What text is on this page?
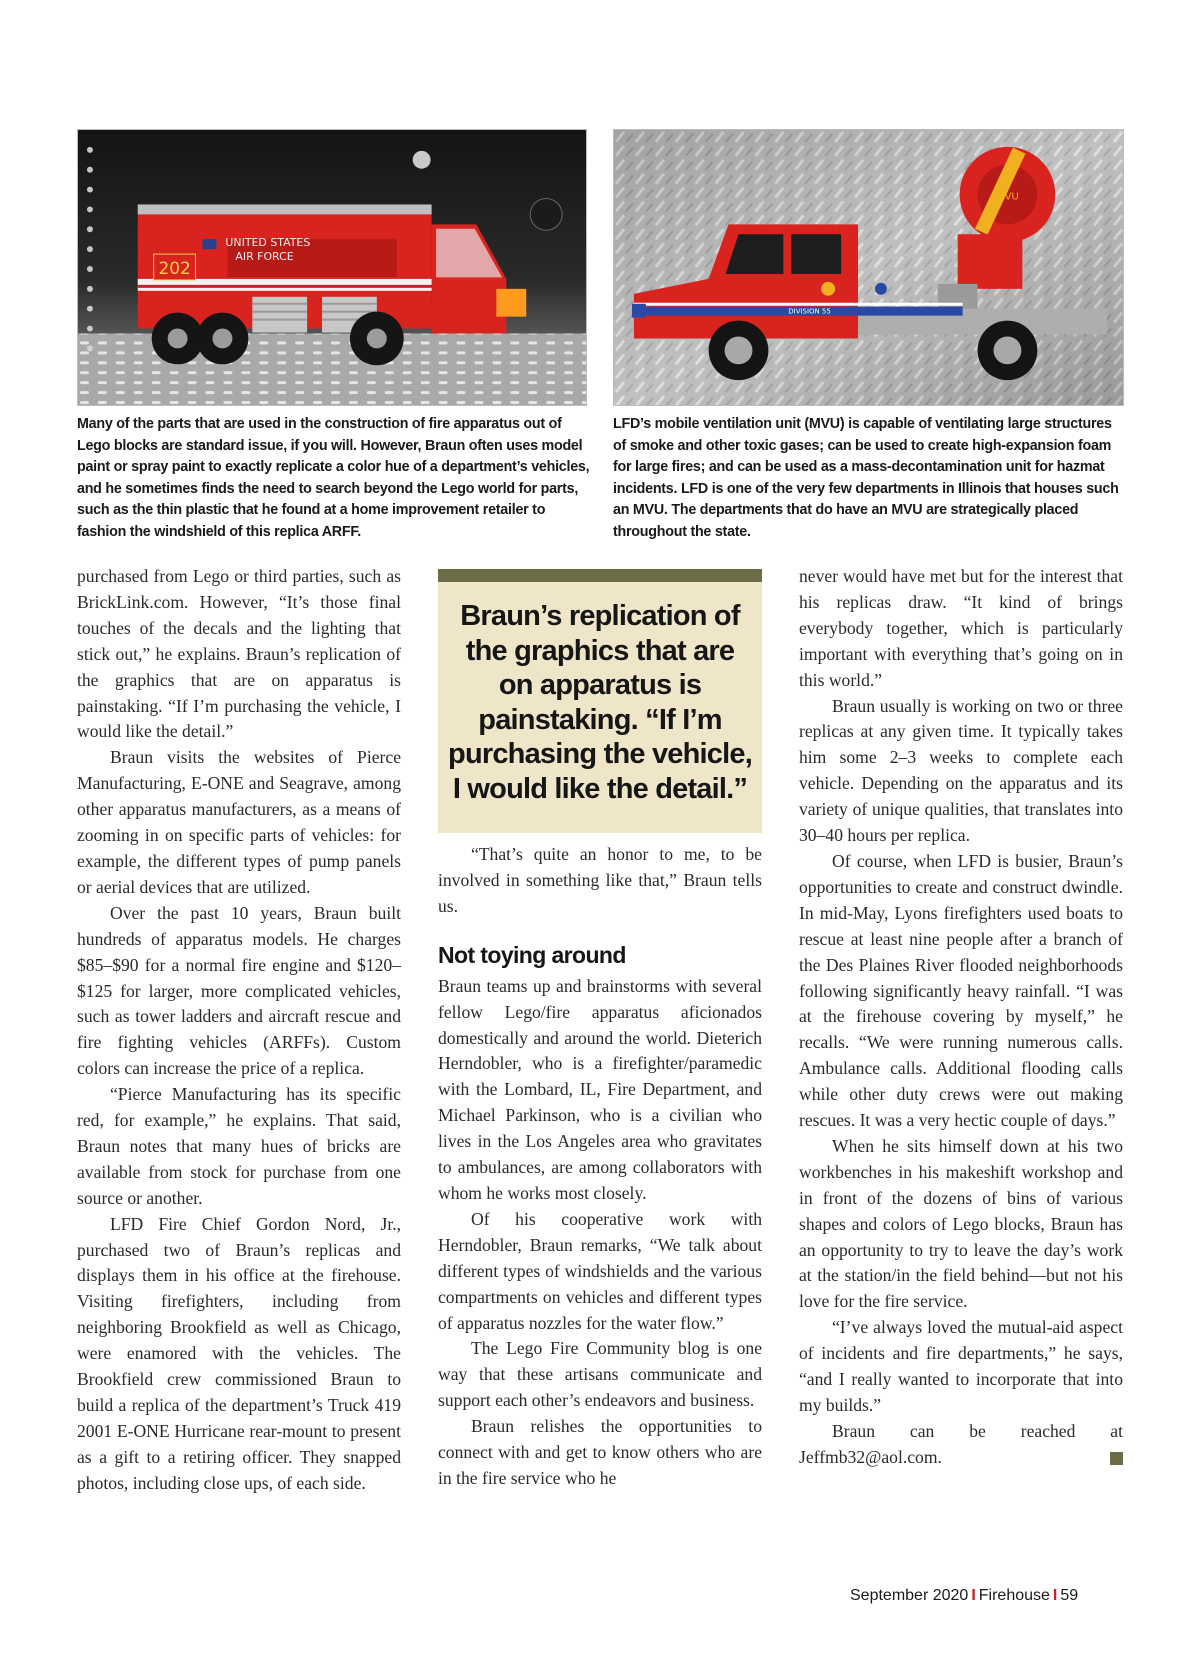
202
UNITED STATES
AIR FORCE
MVU
DIVISION 55
Many of the parts that are used in the construction of fire apparatus out of Lego blocks are standard issue, if you will. However, Braun often uses model paint or spray paint to exactly replicate a color hue of a department’s vehicles, and he sometimes finds the need to search beyond the Lego world for parts, such as the thin plastic that he found at a home improvement retailer to fashion the windshield of this replica ARFF.
LFD’s mobile ventilation unit (MVU) is capable of ventilating large structures of smoke and other toxic gases; can be used to create high-expansion foam for large fires; and can be used as a mass-decontamination unit for hazmat incidents. LFD is one of the very few departments in Illinois that houses such an MVU. The departments that do have an MVU are strategically placed throughout the state.

purchased from Lego or third parties, such as BrickLink.com. However, “It’s those final touches of the decals and the lighting that stick out,” he explains. Braun’s replication of the graphics that are on apparatus is painstaking. “If I’m purchasing the vehicle, I would like the detail.”

Braun visits the websites of Pierce Manufacturing, E-ONE and Seagrave, among other apparatus manufacturers, as a means of zooming in on specific parts of vehicles: for example, the different types of pump panels or aerial devices that are utilized.

Over the past 10 years, Braun built hundreds of apparatus models. He charges $85–$90 for a normal fire engine and $120–$125 for larger, more complicated vehicles, such as tower ladders and aircraft rescue and fire fighting vehicles (ARFFs). Custom colors can increase the price of a replica.

“Pierce Manufacturing has its specific red, for example,” he explains. That said, Braun notes that many hues of bricks are available from stock for purchase from one source or another.

LFD Fire Chief Gordon Nord, Jr., purchased two of Braun’s replicas and displays them in his office at the firehouse. Visiting firefighters, including from neighboring Brookfield as well as Chicago, were enamored with the vehicles. The Brookfield crew commissioned Braun to build a replica of the department’s Truck 419 2001 E-ONE Hurricane rear-mount to present as a gift to a retiring officer. They snapped photos, including close ups, of each side.

Braun’s replication of the graphics that are on apparatus is painstaking. “If I’m purchasing the vehicle, I would like the detail.”

“That’s quite an honor to me, to be involved in something like that,” Braun tells us.

Not toying around

Braun teams up and brainstorms with several fellow Lego/fire apparatus aficionados domestically and around the world. Dieterich Herndobler, who is a firefighter/paramedic with the Lombard, IL, Fire Department, and Michael Parkinson, who is a civilian who lives in the Los Angeles area who gravitates to ambulances, are among collaborators with whom he works most closely.

Of his cooperative work with Herndobler, Braun remarks, “We talk about different types of windshields and the various compartments on vehicles and different types of apparatus nozzles for the water flow.”

The Lego Fire Community blog is one way that these artisans communicate and support each other’s endeavors and business.

Braun relishes the opportunities to connect with and get to know others who are in the fire service who he

never would have met but for the interest that his replicas draw. “It kind of brings everybody together, which is particularly important with everything that’s going on in this world.”

Braun usually is working on two or three replicas at any given time. It typically takes him some 2–3 weeks to complete each vehicle. Depending on the apparatus and its variety of unique qualities, that translates into 30–40 hours per replica.

Of course, when LFD is busier, Braun’s opportunities to create and construct dwindle. In mid-May, Lyons firefighters used boats to rescue at least nine people after a branch of the Des Plaines River flooded neighborhoods following significantly heavy rainfall. “I was at the firehouse covering by myself,” he recalls. “We were running numerous calls. Ambulance calls. Additional flooding calls while other duty crews were out making rescues. It was a very hectic couple of days.”

When he sits himself down at his two workbenches in his makeshift workshop and in front of the dozens of bins of various shapes and colors of Lego blocks, Braun has an opportunity to try to leave the day’s work at the station/in the field behind—but not his love for the fire service.

“I’ve always loved the mutual-aid aspect of incidents and fire departments,” he says, “and I really wanted to incorporate that into my builds.”

Braun can be reached at Jeffmb32@aol.com.

September 2020 I Firehouse I 59
